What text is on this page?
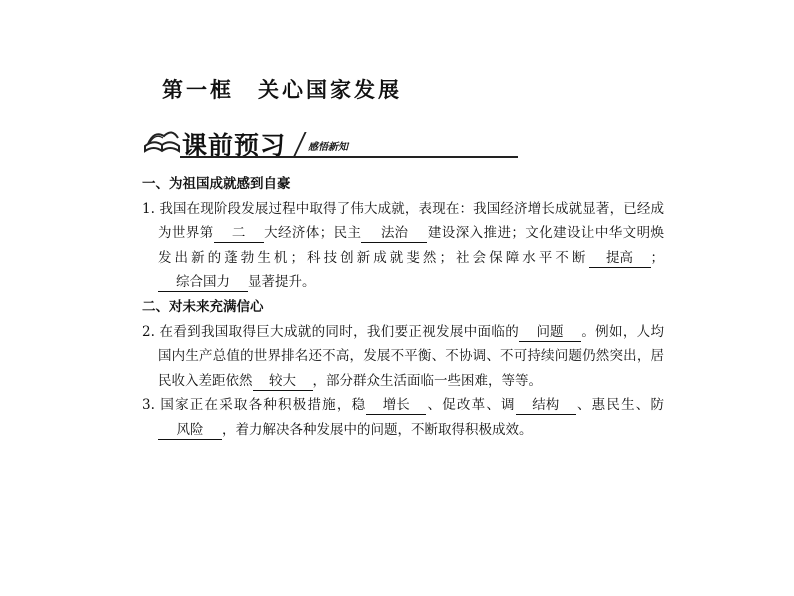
第一框　关心国家发展
课前预习 感悟新知
一、为祖国成就感到自豪
1. 我国在现阶段发展过程中取得了伟大成就，表现在：我国经济增长成就显著，已经成为世界第 二 大经济体；民主 法治 建设深入推进；文化建设让中华文明焕发出新的蓬勃生机；科技创新成就斐然；社会保障水平不断 提高 ；综合国力 显著提升。
二、对未来充满信心
2. 在看到我国取得巨大成就的同时，我们要正视发展中面临的 问题 。例如，人均国内生产总值的世界排名还不高，发展不平衡、不协调、不可持续问题仍然突出，居民收入差距依然 较大 ，部分群众生活面临一些困难，等等。
3. 国家正在采取各种积极措施，稳 增长 、促改革、调 结构 、惠民生、防风险 ，着力解决各种发展中的问题，不断取得积极成效。
